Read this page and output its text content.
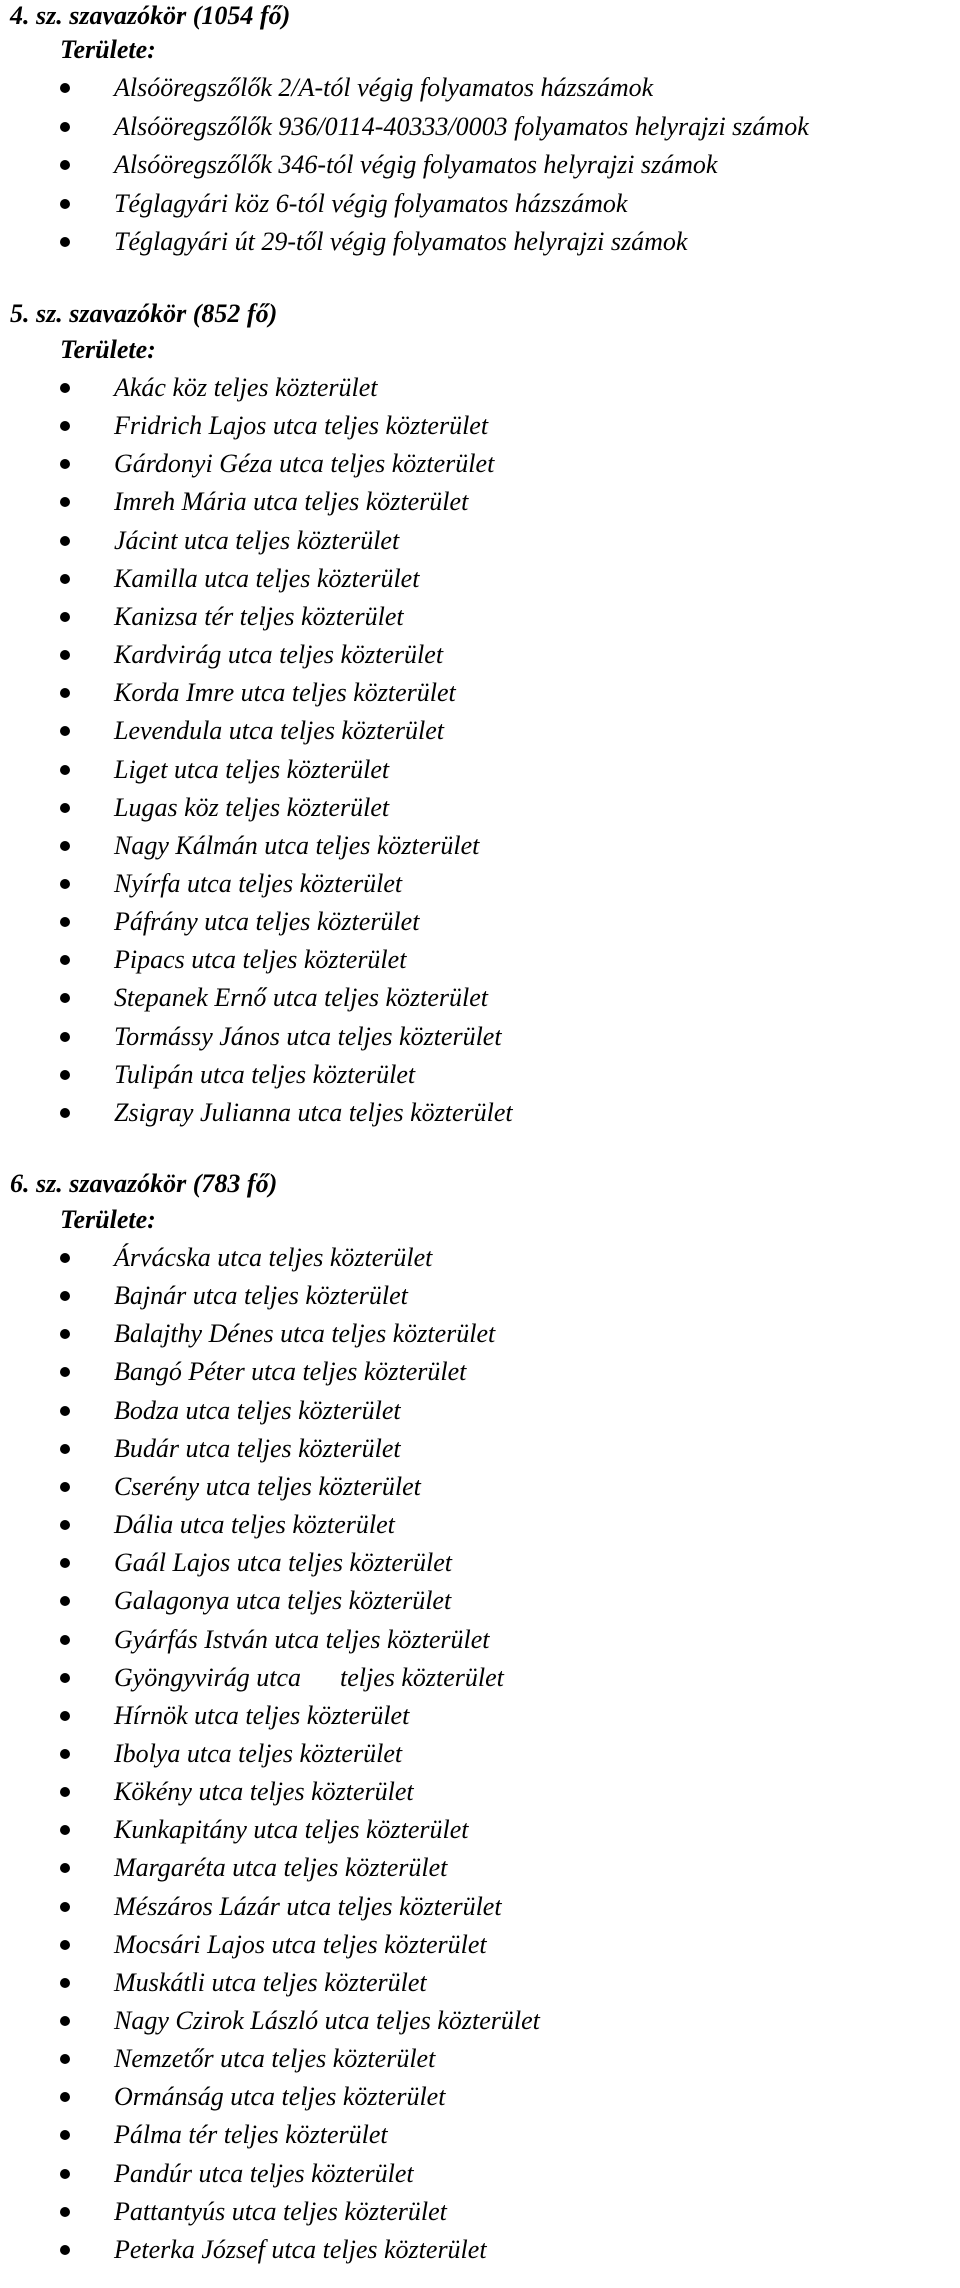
4. sz. szavazókör (1054 fő)
Területe:
Alsóöregszőlők 2/A-tól végig folyamatos házszámok
Alsóöregszőlők 936/0114-40333/0003 folyamatos helyrajzi számok
Alsóöregszőlők 346-tól végig folyamatos helyrajzi számok
Téglagyári köz 6-tól végig folyamatos házszámok
Téglagyári út 29-től végig folyamatos helyrajzi számok
5. sz. szavazókör (852 fő)
Területe:
Akác köz teljes közterület
Fridrich Lajos utca teljes közterület
Gárdonyi Géza utca teljes közterület
Imreh Mária utca teljes közterület
Jácint utca teljes közterület
Kamilla utca teljes közterület
Kanizsa tér teljes közterület
Kardvirág utca teljes közterület
Korda Imre utca teljes közterület
Levendula utca teljes közterület
Liget utca teljes közterület
Lugas köz teljes közterület
Nagy Kálmán utca teljes közterület
Nyírfa utca teljes közterület
Páfrány utca teljes közterület
Pipacs utca teljes közterület
Stepanek Ernő utca teljes közterület
Tormássy János utca teljes közterület
Tulipán utca teljes közterület
Zsigray Julianna utca teljes közterület
6. sz. szavazókör (783 fő)
Területe:
Árvácska utca teljes közterület
Bajnár utca teljes közterület
Balajthy Dénes utca teljes közterület
Bangó Péter utca teljes közterület
Bodza utca teljes közterület
Budár utca teljes közterület
Cserény utca teljes közterület
Dália utca teljes közterület
Gaál Lajos utca teljes közterület
Galagonya utca teljes közterület
Gyárfás István utca teljes közterület
Gyöngyvirág utca      teljes közterület
Hírnök utca teljes közterület
Ibolya utca teljes közterület
Kökény utca teljes közterület
Kunkapitány utca teljes közterület
Margaréta utca teljes közterület
Mészáros Lázár utca teljes közterület
Mocsári Lajos utca teljes közterület
Muskátli utca teljes közterület
Nagy Czirok László utca teljes közterület
Nemzetőr utca teljes közterület
Ormánság utca teljes közterület
Pálma tér teljes közterület
Pandúr utca teljes közterület
Pattantyús utca teljes közterület
Peterka József utca teljes közterület
